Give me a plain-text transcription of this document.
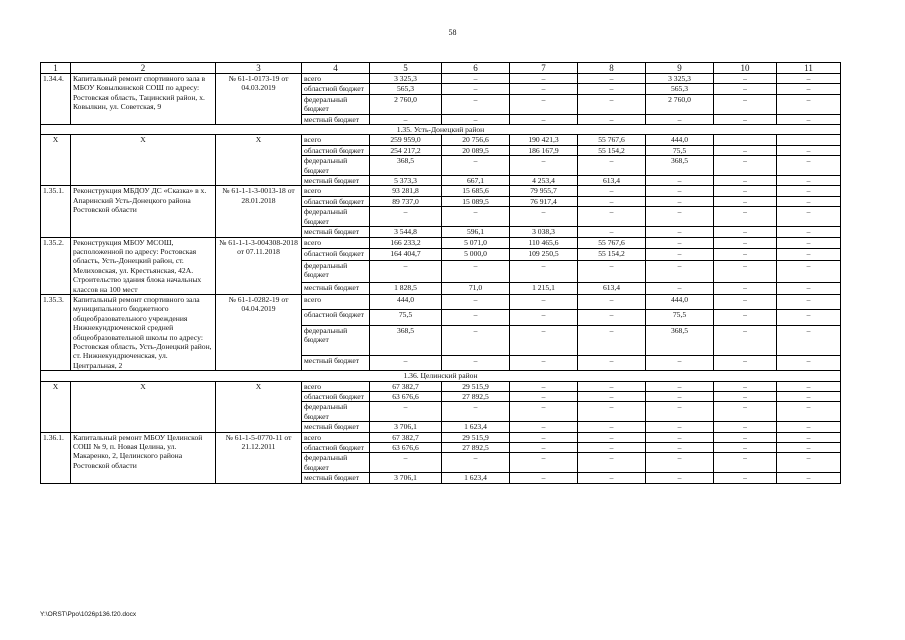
58
1	2	3	4	5	6	7	8	9	10	11
1.34.4.	Капитальный ремонт спортивного зала в МБОУ Ковылкинской СОШ по адресу: Ростовская область, Тацинский район, х. Ковылкин, ул. Советская, 9	№ 61-1-0173-19 от 04.03.2019	всего	3 325,3	–	–	–	3 325,3	–	–
			областной бюджет	565,3	–	–	–	565,3	–	–
			федеральный бюджет	2 760,0	–	–	–	2 760,0	–	–
			местный бюджет	–	–	–	–	–	–	–
1.35. Усть-Донецкий район										
Х	Х	Х	всего	259 959,0	20 756,6	190 421,3	55 767,6	444,0		
			областной бюджет	254 217,2	20 089,5	186 167,9	55 154,2	75,5	–	–
			федеральный бюджет	368,5	–	–	–	368,5	–	–
			местный бюджет	5 373,3	667,1	4 253,4	613,4	–	–	–
1.35.1.	Реконструкция МБДОУ ДС «Сказка» в х. Апаринский Усть-Донецкого района Ростовской области	№ 61-1-1-3-0013-18 от 28.01.2018	всего	93 281,8	15 685,6	79 955,7	–	–	–	–
			областной бюджет	89 737,0	15 089,5	76 917,4	–	–	–	–
			федеральный бюджет	–	–	–	–	–	–	–
			местный бюджет	3 544,8	596,1	3 038,3	–	–	–	–
1.35.2.	Реконструкция МБОУ МСОШ, расположенной по адресу: Ростовская область, Усть-Донецкий район, ст. Мелиховская, ул. Крестьянская, 42А. Строительство здания блока начальных классов на 100 мест	№ 61-1-1-3-004308-2018 от 07.11.2018	всего	166 233,2	5 071,0	110 465,6	55 767,6	–	–	–
			областной бюджет	164 404,7	5 000,0	109 250,5	55 154,2	–	–	–
			федеральный бюджет	–	–	–	–	–	–	–
			местный бюджет	1 828,5	71,0	1 215,1	613,4	–	–	–
1.35.3.	Капитальный ремонт спортивного зала муниципального бюджетного общеобразовательного учреждения Нижнекундрюченской средней общеобразовательной школы по адресу: Ростовская область, Усть-Донецкий район, ст. Нижнекундрюченская, ул. Центральная, 2	№ 61-1-0282-19 от 04.04.2019	всего	444,0	–	–	–	444,0	–	–
			областной бюджет	75,5	–	–	–	75,5	–	–
			федеральный бюджет	368,5	–	–	–	368,5	–	–
			местный бюджет	–	–	–	–	–	–	–
1.36. Целинский район										
Х	Х	Х	всего	67 382,7	29 515,9	–	–	–	–	–
			областной бюджет	63 676,6	27 892,5	–	–	–	–	–
			федеральный бюджет	–	–	–	–	–	–	–
			местный бюджет	3 706,1	1 623,4	–	–	–	–	–
1.36.1.	Капитальный ремонт МБОУ Целинской СОШ № 9, п. Новая Целина, ул. Макаренко, 2, Целинского района Ростовской области	№ 61-1-5-0770-11 от 21.12.2011	всего	67 382,7	29 515,9	–	–	–	–	–
			областной бюджет	63 676,6	27 892,5	–	–	–	–	–
			федеральный бюджет	–	–	–	–	–	–	–
			местный бюджет	3 706,1	1 623,4	–	–	–	–	–
Y:\ORST\Ppo\1026p136.f20.docx
